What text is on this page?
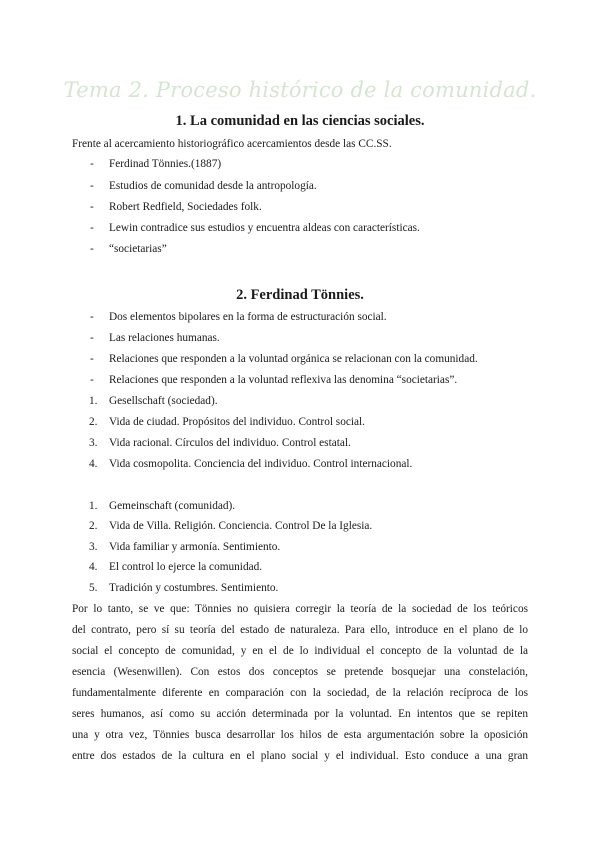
Tema 2. Proceso histórico de la comunidad.
1. La comunidad en las ciencias sociales.
Frente al acercamiento historiográfico acercamientos desde las CC.SS.
- Ferdinad Tönnies.(1887)
- Estudios de comunidad desde la antropología.
- Robert Redfield, Sociedades folk.
- Lewin contradice sus estudios y encuentra aldeas con características.
- “societarias”
2. Ferdinad Tönnies.
- Dos elementos bipolares en la forma de estructuración social.
- Las relaciones humanas.
- Relaciones que responden a la voluntad orgánica se relacionan con la comunidad.
- Relaciones que responden a la voluntad reflexiva las denomina “societarias”.
1. Gesellschaft (sociedad).
2. Vida de ciudad. Propósitos del individuo. Control social.
3. Vida racional. Círculos del individuo. Control estatal.
4. Vida cosmopolita. Conciencia del individuo. Control internacional.
1. Gemeinschaft (comunidad).
2. Vida de Villa. Religión. Conciencia. Control De la Iglesia.
3. Vida familiar y armonía. Sentimiento.
4. El control lo ejerce la comunidad.
5. Tradición y costumbres. Sentimiento.
Por lo tanto, se ve que: Tönnies no quisiera corregir la teoría de la sociedad de los teóricos
del contrato, pero sí su teoría del estado de naturaleza. Para ello, introduce en el plano de lo
social el concepto de comunidad, y en el de lo individual el concepto de la voluntad de la
esencia (Wesenwillen). Con estos dos conceptos se pretende bosquejar una constelación,
fundamentalmente diferente en comparación con la sociedad, de la relación recíproca de los
seres humanos, así como su acción determinada por la voluntad. En intentos que se repiten
una y otra vez, Tönnies busca desarrollar los hilos de esta argumentación sobre la oposición
entre dos estados de la cultura en el plano social y el individual. Esto conduce a una gran
